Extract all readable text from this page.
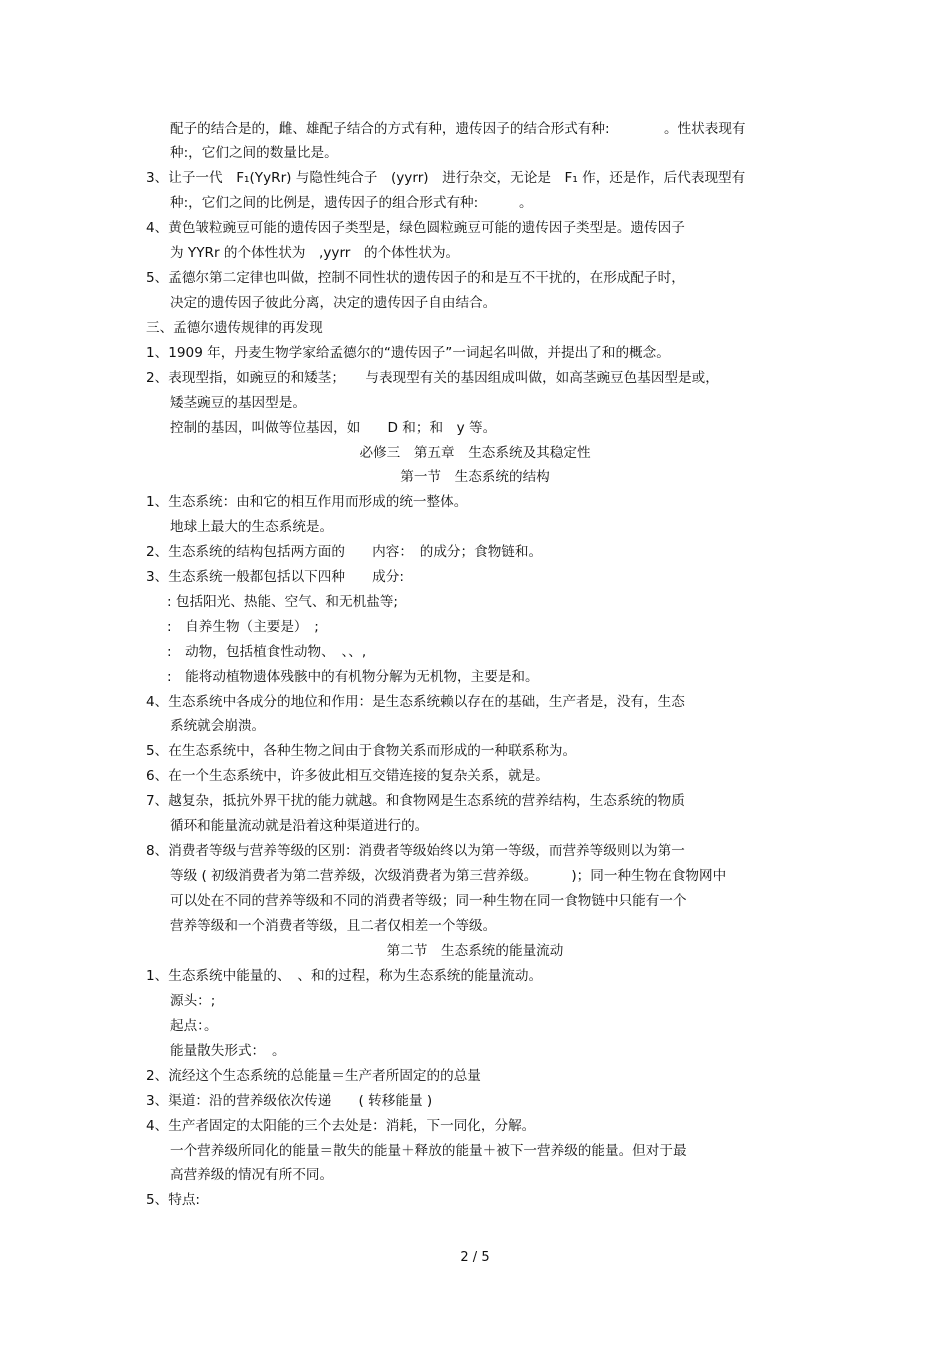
配子的结合是的，雌、雄配子结合的方式有种，遗传因子的结合形式有种:　　　　。性状表现有
种:，它们之间的数量比是。
3、让子一代　F₁(YyRr) 与隐性纯合子　(yyrr)　进行杂交，无论是　F₁ 作，还是作，后代表现型有
种:，它们之间的比例是，遗传因子的组合形式有种:　　　。
4、黄色皱粒豌豆可能的遗传因子类型是，绿色圆粒豌豆可能的遗传因子类型是。遗传因子
为 YYRr 的个体性状为　,yyrr　的个体性状为。
5、孟德尔第二定律也叫做，控制不同性状的遗传因子的和是互不干扰的，在形成配子时，
决定的遗传因子彼此分离，决定的遗传因子自由结合。
三、孟德尔遗传规律的再发现
1、1909 年，丹麦生物学家给孟德尔的“遗传因子”一词起名叫做，并提出了和的概念。
2、表现型指，如豌豆的和矮茎；　　与表现型有关的基因组成叫做，如高茎豌豆色基因型是或，
矮茎豌豆的基因型是。
控制的基因，叫做等位基因，如　　D 和；和　y 等。
必修三　第五章　生态系统及其稳定性
第一节　生态系统的结构
1、生态系统：由和它的相互作用而形成的统一整体。
地球上最大的生态系统是。
2、生态系统的结构包括两方面的　　内容：　的成分；食物链和。
3、生态系统一般都包括以下四种　　成分:
: 包括阳光、热能、空气、和无机盐等;
:　自养生物（主要是）　;
:　动物，包括植食性动物、　、、,
:　能将动植物遗体残骸中的有机物分解为无机物，主要是和。
4、生态系统中各成分的地位和作用：是生态系统赖以存在的基础，生产者是，没有，生态
系统就会崩溃。
5、在生态系统中，各种生物之间由于食物关系而形成的一种联系称为。
6、在一个生态系统中，许多彼此相互交错连接的复杂关系，就是。
7、越复杂，抵抗外界干扰的能力就越。和食物网是生态系统的营养结构，生态系统的物质
循环和能量流动就是沿着这种渠道进行的。
8、消费者等级与营养等级的区别：消费者等级始终以为第一等级，而营养等级则以为第一
等级 ( 初级消费者为第二营养级，次级消费者为第三营养级。　　　)；同一种生物在食物网中
可以处在不同的营养等级和不同的消费者等级；同一种生物在同一食物链中只能有一个
营养等级和一个消费者等级，且二者仅相差一个等级。
第二节　生态系统的能量流动
1、生态系统中能量的、　、和的过程，称为生态系统的能量流动。
源头：;
起点：。
能量散失形式：　。
2、流经这个生态系统的总能量＝生产者所固定的的总量
3、渠道：沿的营养级依次传递　　( 转移能量 )
4、生产者固定的太阳能的三个去处是：消耗，下一同化，分解。
一个营养级所同化的能量＝散失的能量＋释放的能量＋被下一营养级的能量。但对于最
高营养级的情况有所不同。
5、特点:
2 / 5
